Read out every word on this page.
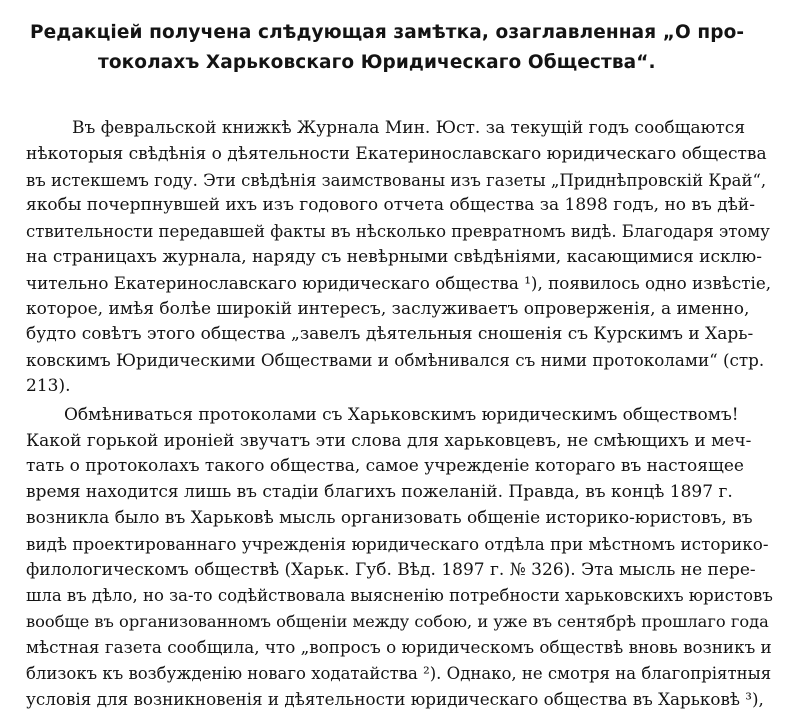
Редакціей получена слѣдующая замѣтка, озаглавленная „О про-
токолахъ Харьковскаго Юридическаго Общества“.
Въ февральской книжкѣ Журнала Мин. Юст. за текущій годъ сообщаются
нѣкоторыя свѣдѣнія о дѣятельности Екатеринославскаго юридическаго общества
въ истекшемъ году. Эти свѣдѣнія заимствованы изъ газеты „Приднѣпровскій Край“,
якобы почерпнувшей ихъ изъ годового отчета общества за 1898 годъ, но въ дѣй-
ствительности передавшей факты въ нѣсколько превратномъ видѣ. Благодаря этому
на страницахъ журнала, наряду съ невѣрными свѣдѣніями, касающимися исклю-
чительно Екатеринославскаго юридическаго общества ¹), появилось одно извѣстіе,
которое, имѣя болѣе широкій интересъ, заслуживаетъ опроверженія, а именно,
будто совѣтъ этого общества „завелъ дѣятельныя сношенія съ Курскимъ и Харь-
ковскимъ Юридическими Обществами и обмѣнивался съ ними протоколами“ (стр.
213).
Обмѣниваться протоколами съ Харьковскимъ юридическимъ обществомъ!
Какой горькой ироніей звучатъ эти слова для харьковцевъ, не смѣющихъ и меч-
тать о протоколахъ такого общества, самое учрежденіе котораго въ настоящее
время находится лишь въ стадіи благихъ пожеланій. Правда, въ концѣ 1897 г.
возникла было въ Харьковѣ мысль организовать общеніе историко-юристовъ, въ
видѣ проектированнаго учрежденія юридическаго отдѣла при мѣстномъ историко-
филологическомъ обществѣ (Харьк. Губ. Вѣд. 1897 г. № 326). Эта мысль не пере-
шла въ дѣло, но за-то содѣйствовала выясненію потребности харьковскихъ юристовъ
вообще въ организованномъ общеніи между собою, и уже въ сентябрѣ прошлаго года
мѣстная газета сообщила, что „вопросъ о юридическомъ обществѣ вновь возникъ и
близокъ къ возбужденію новаго ходатайства ²). Однако, не смотря на благопріятныя
условія для возникновенія и дѣятельности юридическаго общества въ Харьковѣ ³),
